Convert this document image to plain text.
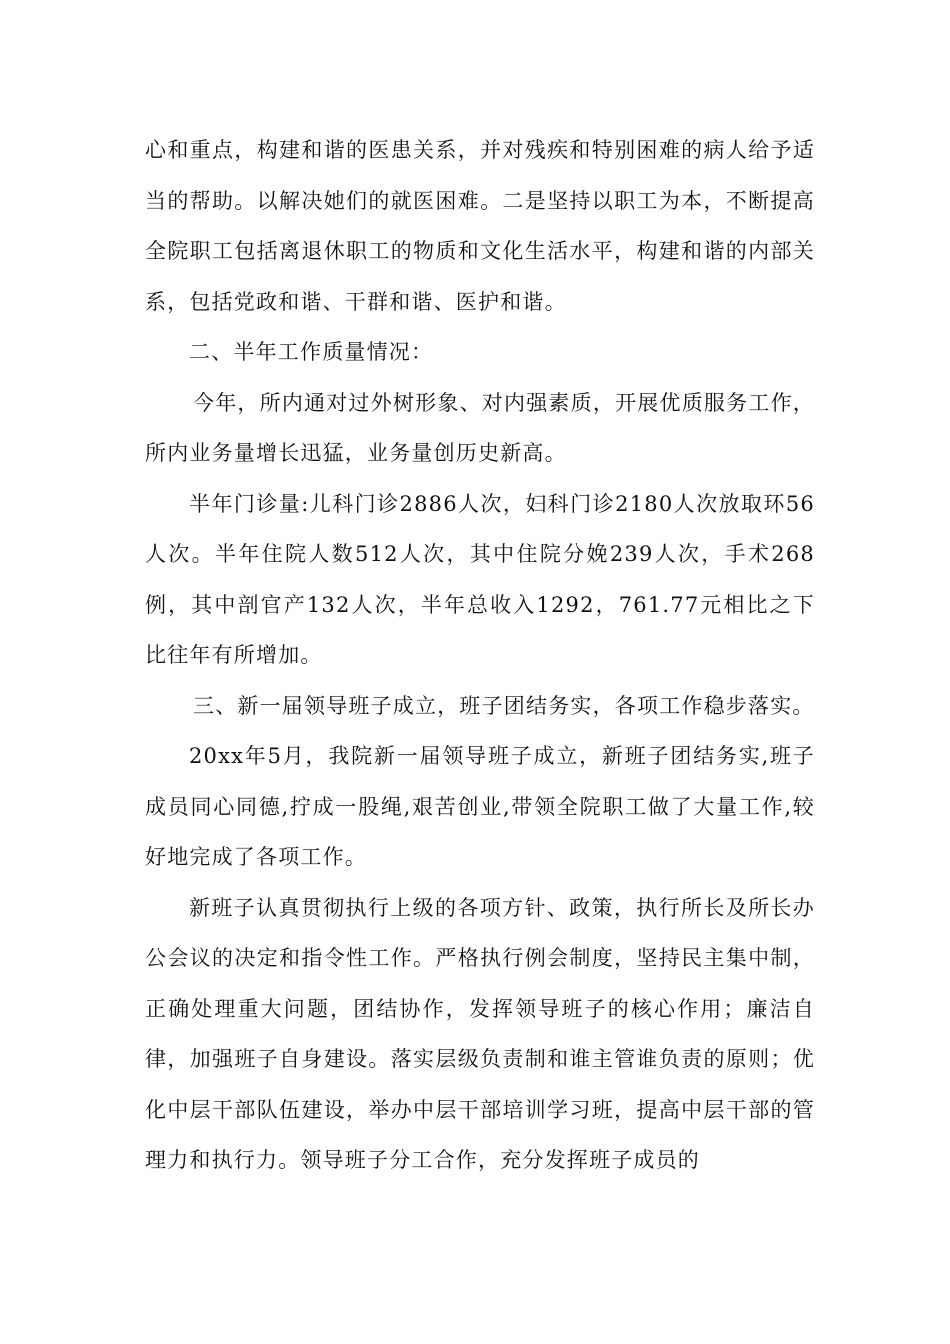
心和重点，构建和谐的医患关系，并对残疾和特别困难的病人给予适当的帮助。以解决她们的就医困难。二是坚持以职工为本，不断提高全院职工包括离退休职工的物质和文化生活水平，构建和谐的内部关系，包括党政和谐、干群和谐、医护和谐。

二、半年工作质量情况：

今年，所内通对过外树形象、对内强素质，开展优质服务工作，所内业务量增长迅猛，业务量创历史新高。

半年门诊量:儿科门诊2886人次，妇科门诊2180人次放取环56人次。半年住院人数512人次，其中住院分娩239人次，手术268例，其中剖官产132人次，半年总收入1292，761.77元相比之下比往年有所增加。

三、新一届领导班子成立，班子团结务实，各项工作稳步落实。

20xx年5月，我院新一届领导班子成立，新班子团结务实,班子成员同心同德,拧成一股绳,艰苦创业,带领全院职工做了大量工作,较好地完成了各项工作。

新班子认真贯彻执行上级的各项方针、政策，执行所长及所长办公会议的决定和指令性工作。严格执行例会制度，坚持民主集中制，正确处理重大问题，团结协作，发挥领导班子的核心作用；廉洁自律，加强班子自身建设。落实层级负责制和谁主管谁负责的原则；优化中层干部队伍建设，举办中层干部培训学习班，提高中层干部的管理力和执行力。领导班子分工合作，充分发挥班子成员的
